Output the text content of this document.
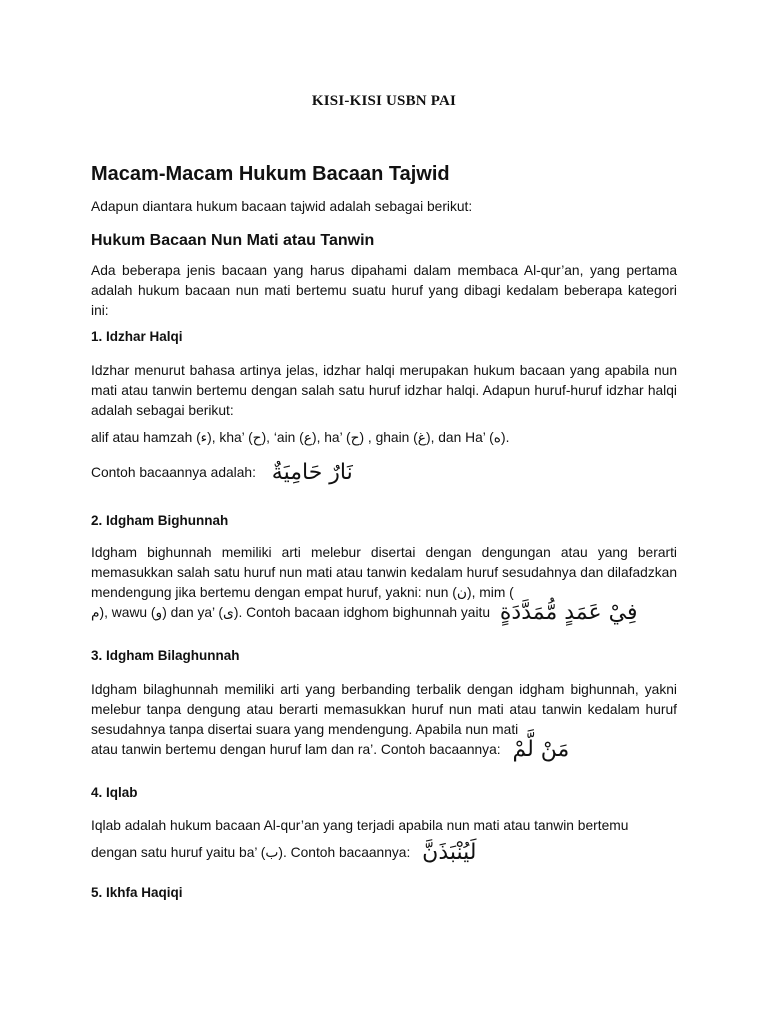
KISI-KISI USBN PAI
Macam-Macam Hukum Bacaan Tajwid
Adapun diantara hukum bacaan tajwid adalah sebagai berikut:
Hukum Bacaan Nun Mati atau Tanwin
Ada beberapa jenis bacaan yang harus dipahami dalam membaca Al-qur’an, yang pertama adalah hukum bacaan nun mati bertemu suatu huruf yang dibagi kedalam beberapa kategori ini:
1. Idzhar Halqi
Idzhar menurut bahasa artinya jelas, idzhar halqi merupakan hukum bacaan yang apabila nun mati atau tanwin bertemu dengan salah satu huruf idzhar halqi. Adapun huruf-huruf idzhar halqi adalah sebagai berikut:
alif atau hamzah (ء), kha’ (ح), ‘ain (ع), ha’ (ح) , ghain (غ), dan Ha’ (ه).
Contoh bacaannya adalah: نَارٌ حَامِيَةٌ
2. Idgham Bighunnah
Idgham bighunnah memiliki arti melebur disertai dengan dengungan atau yang berarti memasukkan salah satu huruf nun mati atau tanwin kedalam huruf sesudahnya dan dilafadzkan mendengung jika bertemu dengan empat huruf, yakni: nun (ن), mim (
م), wawu (و) dan ya’ (ى). Contoh bacaan idghom bighunnah yaitu فِيْ عَمَدٍ مُّمَدَّدَةٍ
3. Idgham Bilaghunnah
Idgham bilaghunnah memiliki arti yang berbanding terbalik dengan idgham bighunnah, yakni melebur tanpa dengung atau berarti memasukkan huruf nun mati atau tanwin kedalam huruf sesudahnya tanpa disertai suara yang mendengung. Apabila nun mati
atau tanwin bertemu dengan huruf lam dan ra’. Contoh bacaannya: مَنْ لَّمْ
4. Iqlab
Iqlab adalah hukum bacaan Al-qur’an yang terjadi apabila nun mati atau tanwin bertemu
dengan satu huruf yaitu ba’ (ب). Contoh bacaannya: لَيُنْبَذَنَّ
5. Ikhfa Haqiqi
